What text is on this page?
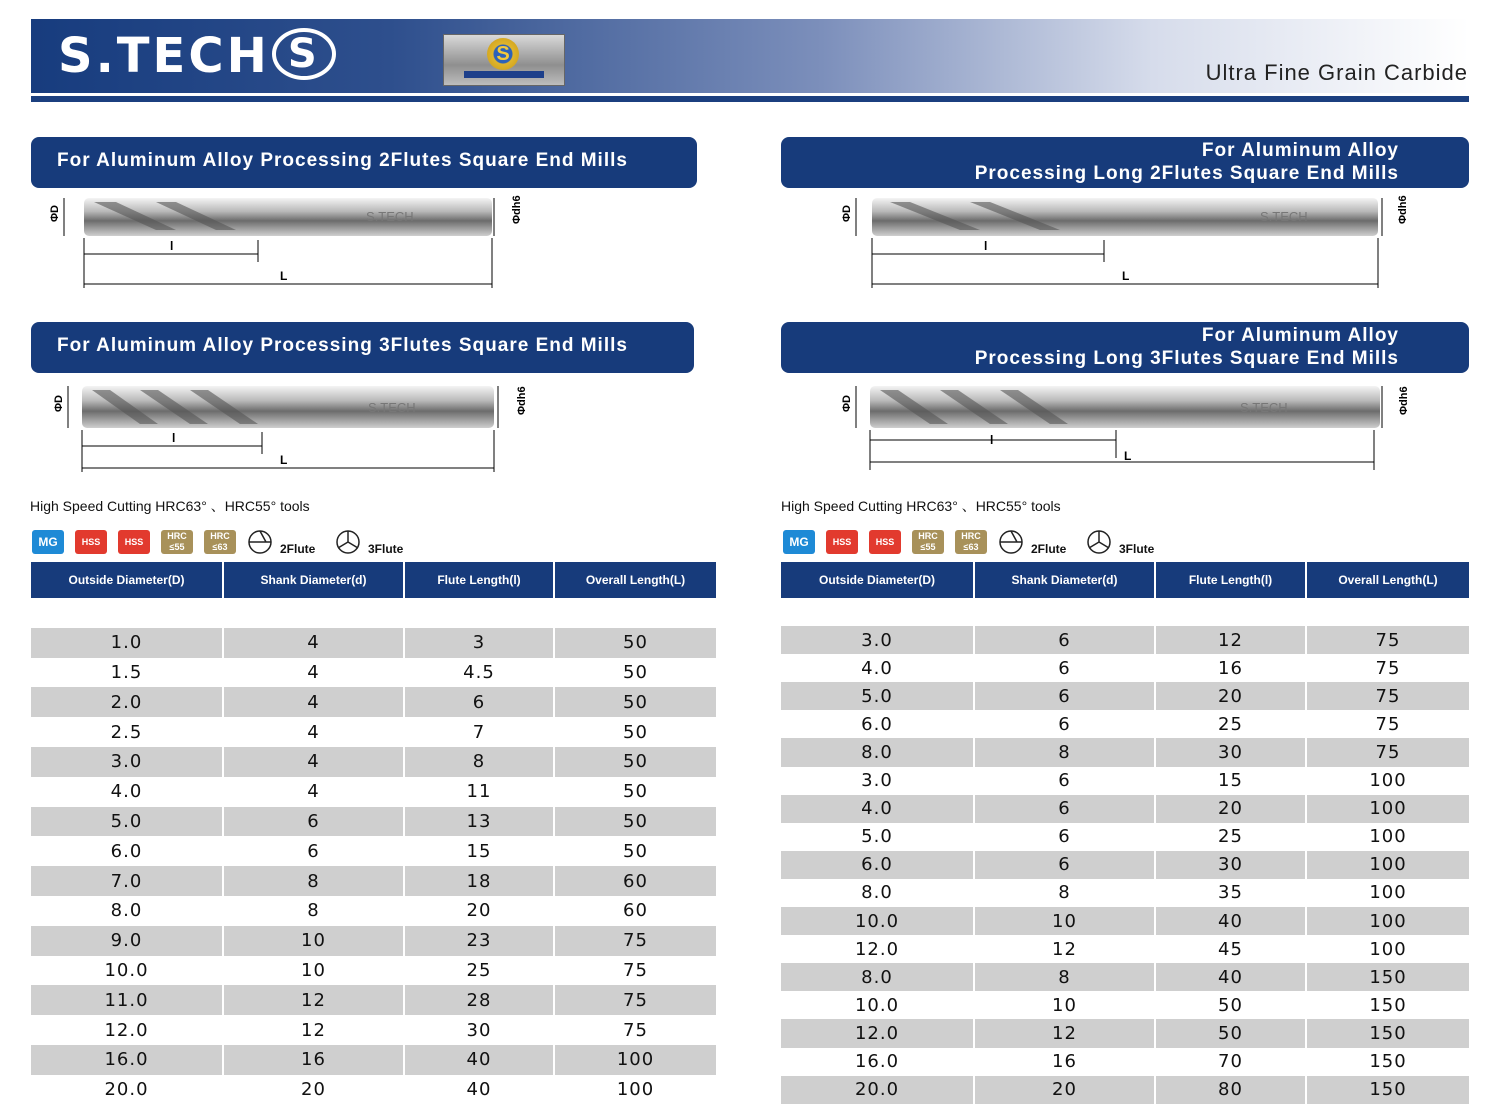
S.TECH S	S
Ultra Fine Grain Carbide
For Aluminum Alloy Processing 2Flutes Square End Mills	For Aluminum Alloy
Processing Long 2Flutes Square End Mills
For Aluminum Alloy Processing 3Flutes Square End Mills	For Aluminum Alloy
Processing Long 3Flutes Square End Mills
S.TECH
ΦD	Φdh6
l
L
S.TECH
ΦD	Φdh6
l
L
S.TECH
ΦD	Φdh6
l
L
S.TECH
ΦD	Φdh6
l
L
High Speed Cutting HRC63° 、HRC55° tools	High Speed Cutting HRC63° 、HRC55° tools
MG	HSS	HSS
HRC
≤55
HRC
≤63	2Flute	3Flute	MG	HSS	HSS
HRC
≤55
HRC
≤63	2Flute	3Flute
Outside Diameter(D)	Shank Diameter(d)	Flute Length(l)	Overall Length(L)

1.0	4	3	50
1.5	4	4.5	50
2.0	4	6	50
2.5	4	7	50
3.0	4	8	50
4.0	4	11	50
5.0	6	13	50
6.0	6	15	50
7.0	8	18	60
8.0	8	20	60
9.0	10	23	75
10.0	10	25	75
11.0	12	28	75
12.0	12	30	75
16.0	16	40	100
20.0	20	40	100
Outside Diameter(D)	Shank Diameter(d)	Flute Length(l)	Overall Length(L)

3.0	6	12	75
4.0	6	16	75
5.0	6	20	75
6.0	6	25	75
8.0	8	30	75
3.0	6	15	100
4.0	6	20	100
5.0	6	25	100
6.0	6	30	100
8.0	8	35	100
10.0	10	40	100
12.0	12	45	100
8.0	8	40	150
10.0	10	50	150
12.0	12	50	150
16.0	16	70	150
20.0	20	80	150
